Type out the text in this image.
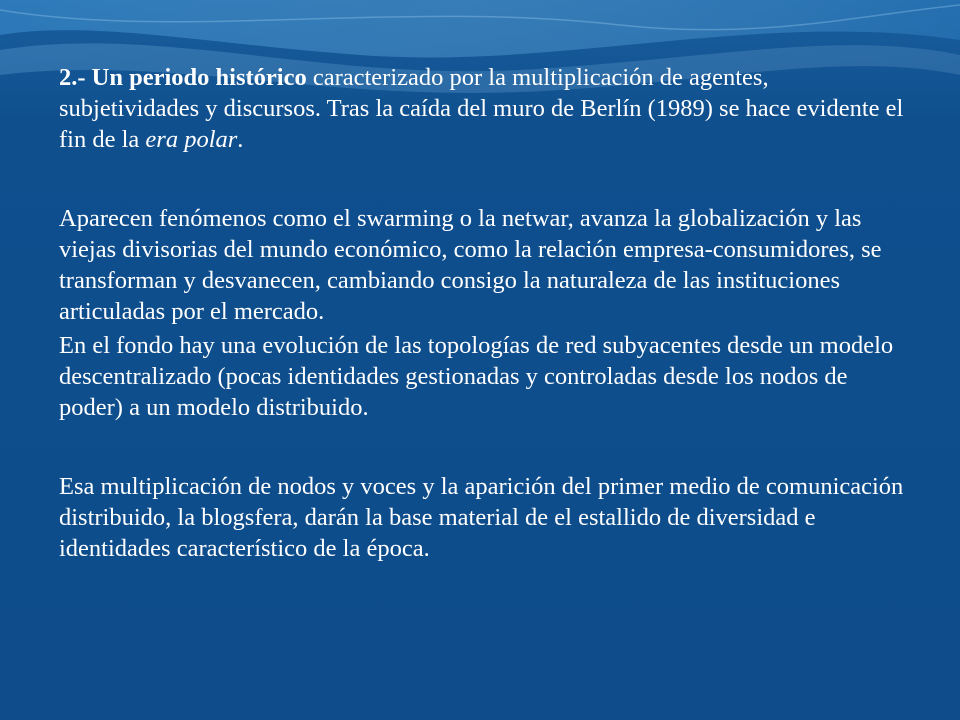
2.- Un periodo histórico caracterizado por la multiplicación de agentes, subjetividades y discursos. Tras la caída del muro de Berlín (1989) se hace evidente el fin de la era polar.

Aparecen fenómenos como el swarming o la netwar, avanza la globalización y las viejas divisorias del mundo económico, como la relación empresa-consumidores, se transforman y desvanecen, cambiando consigo la naturaleza de las instituciones articuladas por el mercado.

En el fondo hay una evolución de las topologías de red subyacentes desde un modelo descentralizado (pocas identidades gestionadas y controladas desde los nodos de poder) a un modelo distribuido.

Esa multiplicación de nodos y voces y la aparición del primer medio de comunicación distribuido, la blogsfera, darán la base material de el estallido de diversidad e identidades característico de la época.
